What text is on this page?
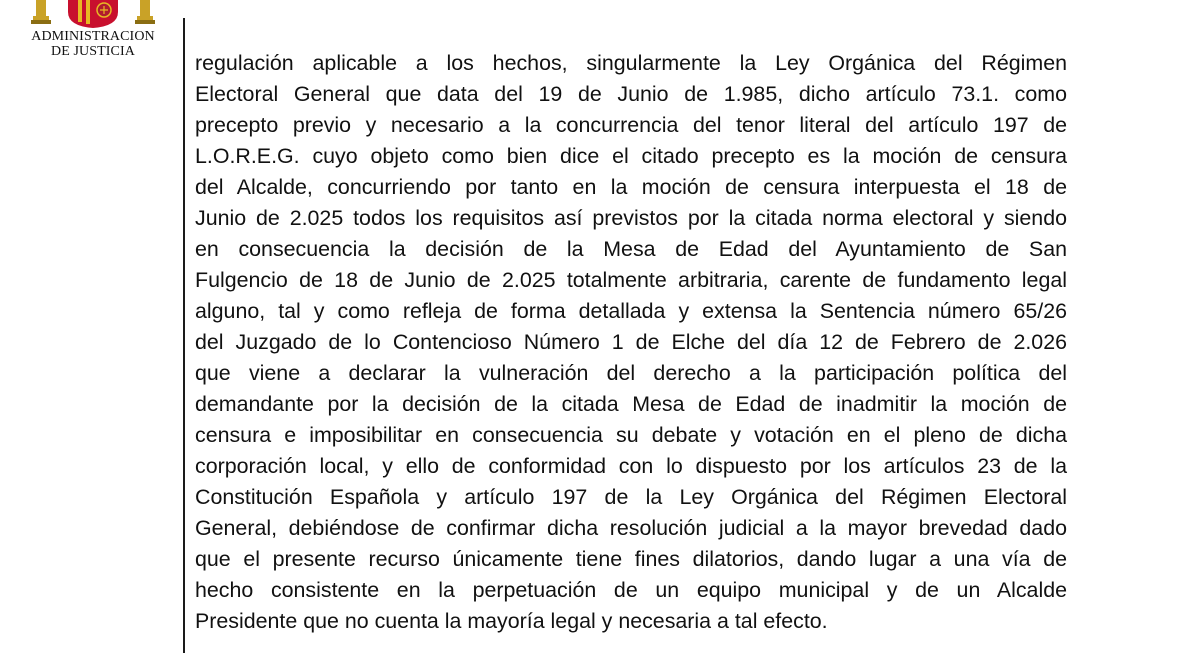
ADMINISTRACION
DE JUSTICIA	regulación aplicable a los hechos, singularmente la Ley Orgánica del Régimen
Electoral General que data del 19 de Junio de 1.985, dicho artículo 73.1. como
precepto previo y necesario a la concurrencia del tenor literal del artículo 197 de
L.O.R.E.G. cuyo objeto como bien dice el citado precepto es la moción de censura
del Alcalde, concurriendo por tanto en la moción de censura interpuesta el 18 de
Junio de 2.025 todos los requisitos así previstos por la citada norma electoral y siendo
en consecuencia la decisión de la Mesa de Edad del Ayuntamiento de San
Fulgencio de 18 de Junio de 2.025 totalmente arbitraria, carente de fundamento legal
alguno, tal y como refleja de forma detallada y extensa la Sentencia número 65/26
del Juzgado de lo Contencioso Número 1 de Elche del día 12 de Febrero de 2.026
que viene a declarar la vulneración del derecho a la participación política del
demandante por la decisión de la citada Mesa de Edad de inadmitir la moción de
censura e imposibilitar en consecuencia su debate y votación en el pleno de dicha
corporación local, y ello de conformidad con lo dispuesto por los artículos 23 de la
Constitución Española y artículo 197 de la Ley Orgánica del Régimen Electoral
General, debiéndose de confirmar dicha resolución judicial a la mayor brevedad dado
que el presente recurso únicamente tiene fines dilatorios, dando lugar a una vía de
hecho consistente en la perpetuación de un equipo municipal y de un Alcalde
Presidente que no cuenta la mayoría legal y necesaria a tal efecto.
